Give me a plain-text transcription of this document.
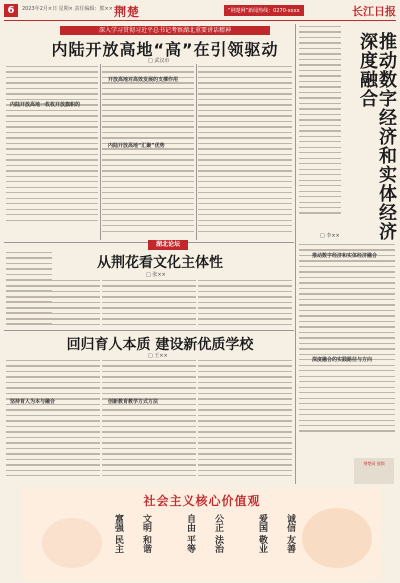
6	2023年2月×日 星期× 责任编辑：熊×× 美编：
荆楚	“荆楚网”新闻热线：0270-xxxx	长江日报
深入学习贯彻习近平总书记考察湖北重要讲话精神
内陆开放高地“高”在引领驱动
□ 武汉市
内陆开放高地一枚枚开放旗帜的
开放高地对高效发展的支撑作用
内陆开放高地“汇聚”优势	推动数字经济和实体经济深度融合
□ 李××
推动数字经济和实体经济融合
深度融合的实践路径与方向
湖北论坛
从荆花看文化主体性
□ 张××
回归育人本质 建设新优质学校
□ 王××
坚持育人为本与融合	创新教育教学方式方法
荆楚网 视频
社会主义核心价值观
富强 民主 文明 和谐	自由 平等 公正 法治	爱国 敬业 诚信 友善
